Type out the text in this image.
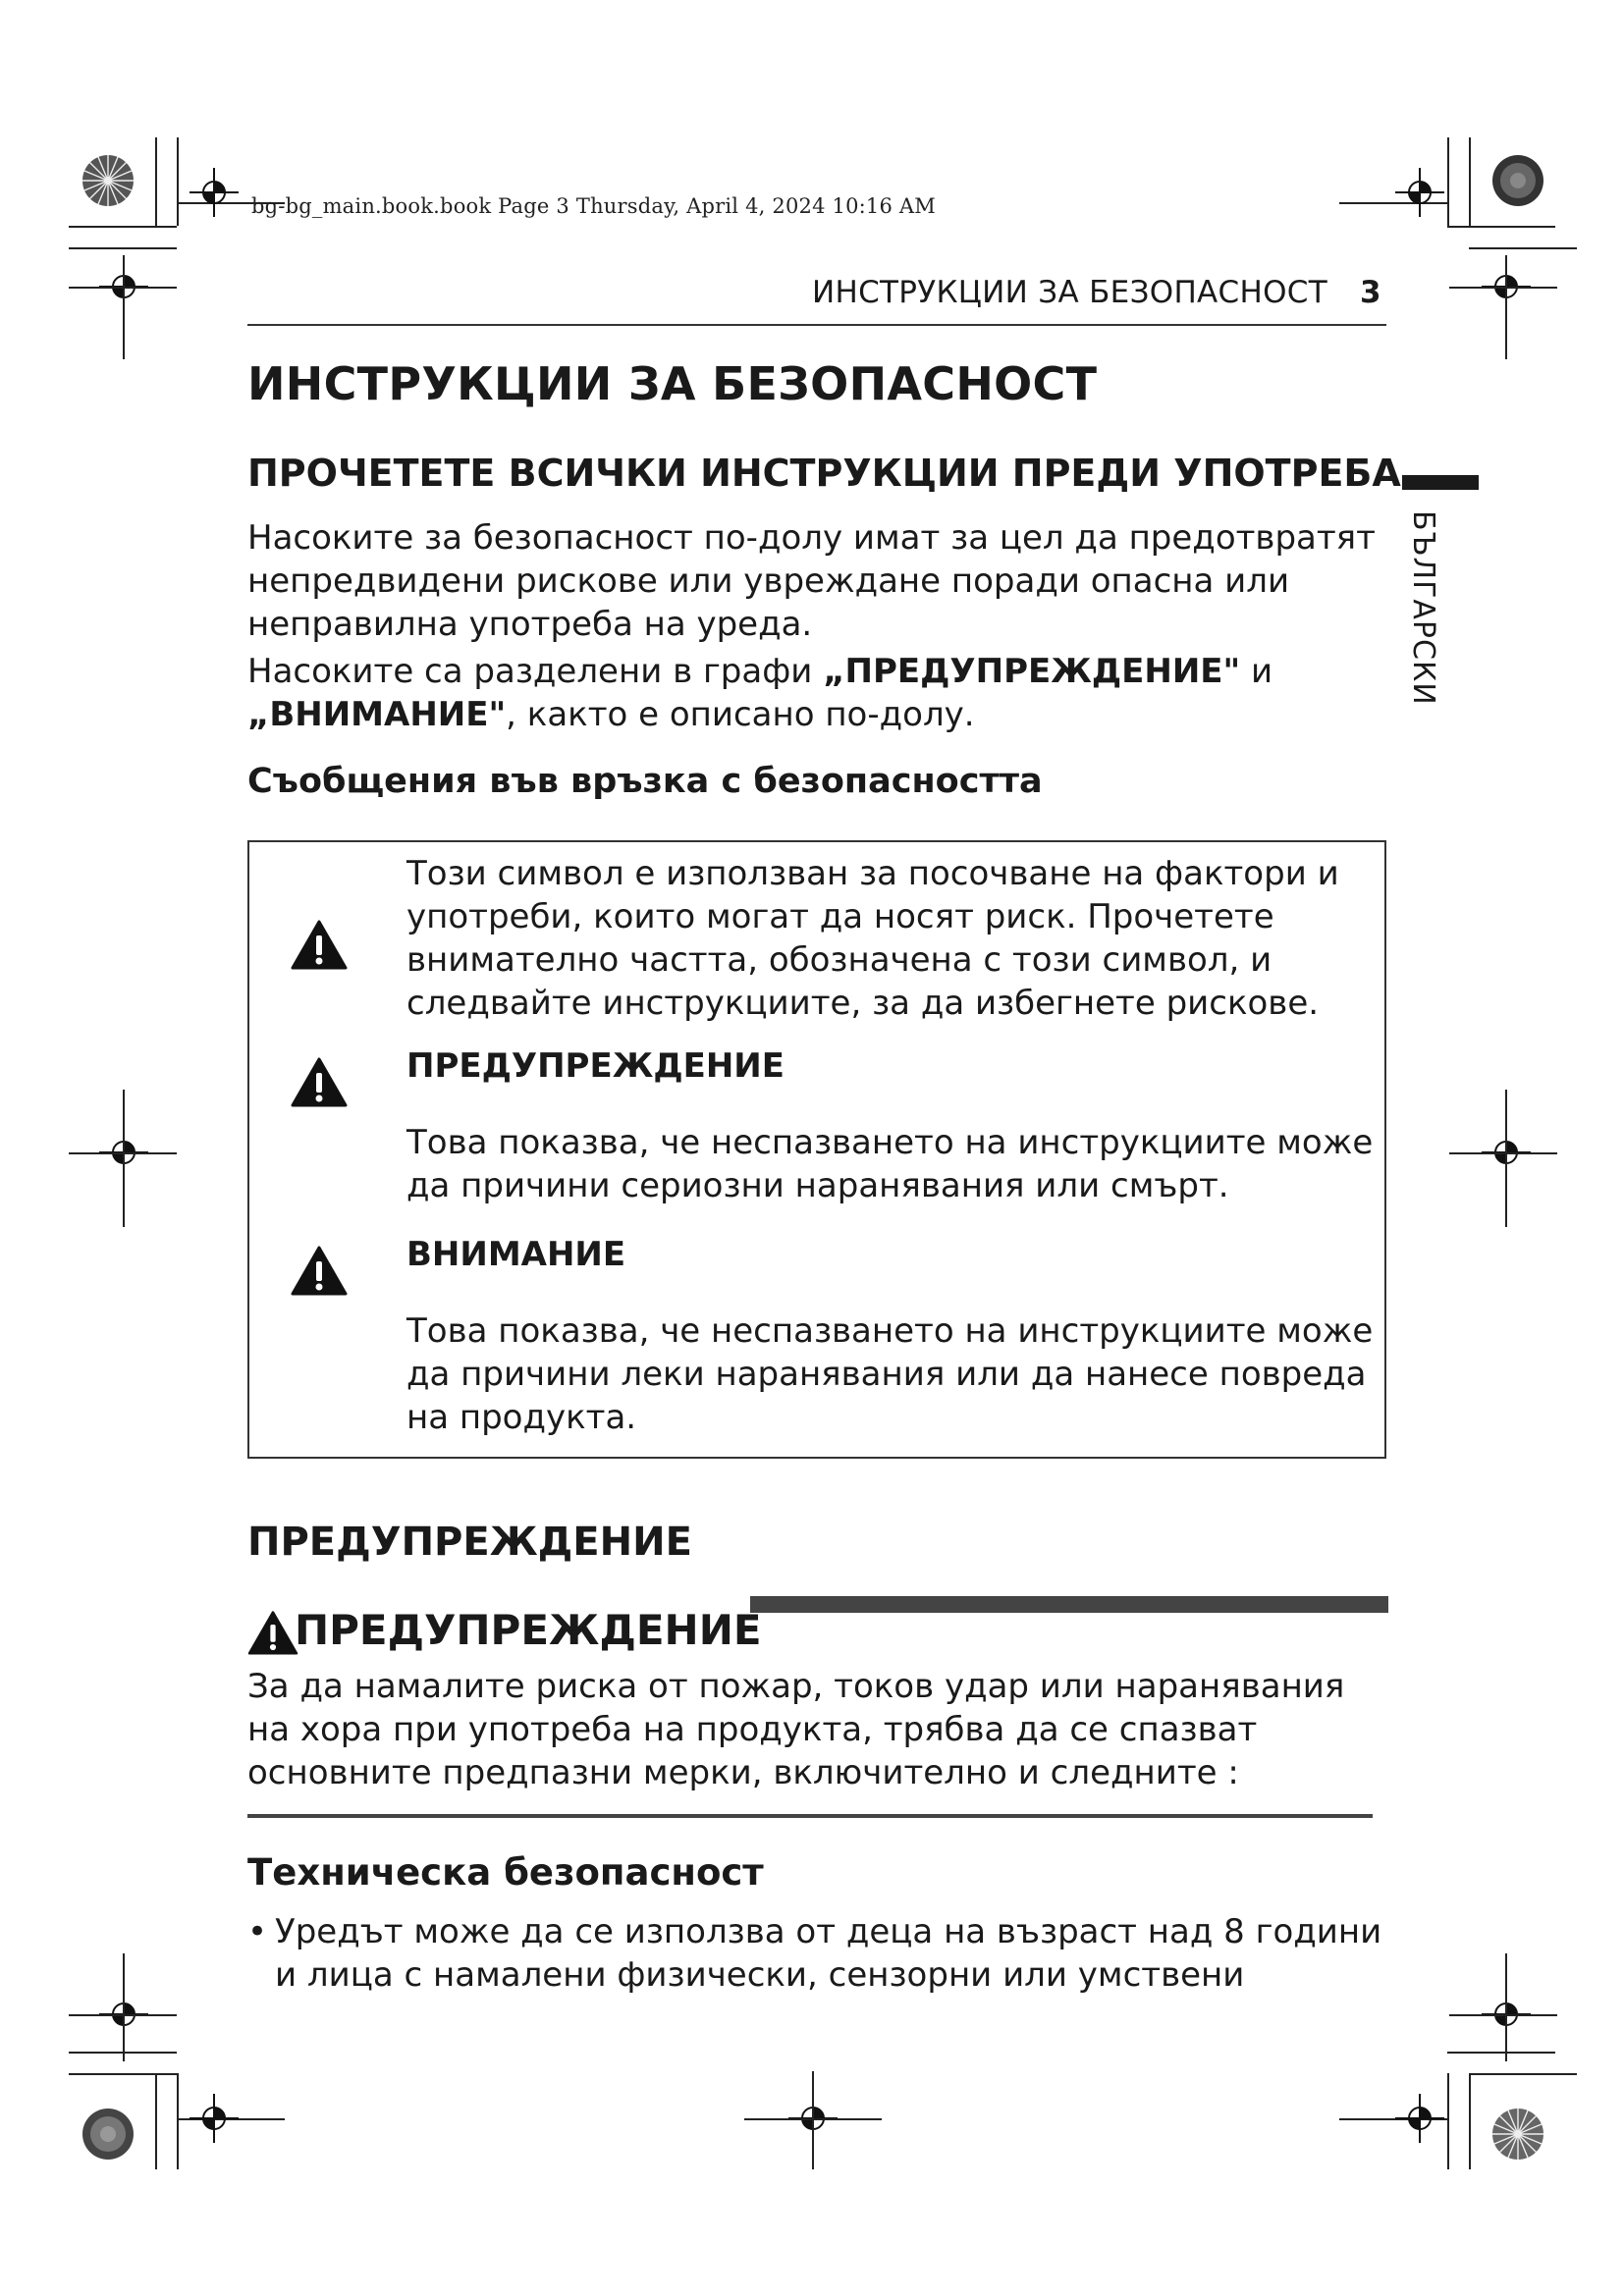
bg-bg_main.book.book Page 3 Thursday, April 4, 2024 10:16 AM
ИНСТРУКЦИИ ЗА БЕЗОПАСНОСТ 3
БЪЛГАРСКИ
ИНСТРУКЦИИ ЗА БЕЗОПАСНОСТ
ПРОЧЕТЕТЕ ВСИЧКИ ИНСТРУКЦИИ ПРЕДИ УПОТРЕБА
Насоките за безопасност по-долу имат за цел да предотвратят непредвидени рискове или увреждане поради опасна или неправилна употреба на уреда.
Насоките са разделени в графи „ПРЕДУПРЕЖДЕНИЕ" и „ВНИМАНИЕ", както е описано по-долу.
Съобщения във връзка с безопасността
Този символ е използван за посочване на фактори и употреби, които могат да носят риск. Прочетете внимателно частта, обозначена с този символ, и следвайте инструкциите, за да избегнете рискове.
ПРЕДУПРЕЖДЕНИЕ
Това показва, че неспазването на инструкциите може да причини сериозни наранявания или смърт.
ВНИМАНИЕ
Това показва, че неспазването на инструкциите може да причини леки наранявания или да нанесе повреда на продукта.
ПРЕДУПРЕЖДЕНИЕ
ПРЕДУПРЕЖДЕНИЕ
За да намалите риска от пожар, токов удар или наранявания на хора при употреба на продукта, трябва да се спазват основните предпазни мерки, включително и следните :
Техническа безопасност
• Уредът може да се използва от деца на възраст над 8 години и лица с намалени физически, сензорни или умствени
